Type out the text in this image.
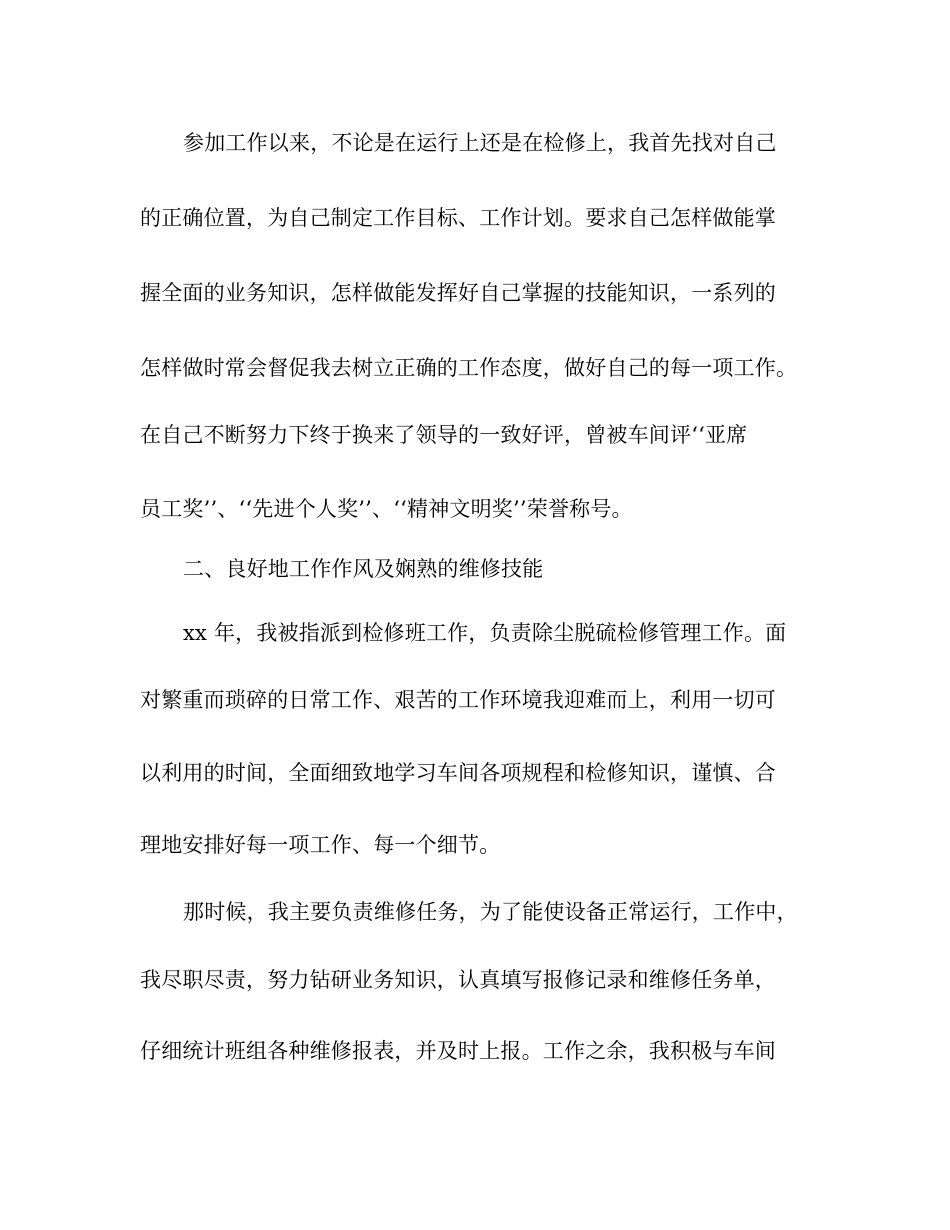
参加工作以来，不论是在运行上还是在检修上，我首先找对自己
的正确位置，为自己制定工作目标、工作计划。要求自己怎样做能掌
握全面的业务知识，怎样做能发挥好自己掌握的技能知识，一系列的
怎样做时常会督促我去树立正确的工作态度，做好自己的每一项工作。
在自己不断努力下终于换来了领导的一致好评，曾被车间评‘‘亚席
员工奖’’、‘‘先进个人奖’’、‘‘精神文明奖’’荣誉称号。
二、良好地工作作风及娴熟的维修技能
xx 年，我被指派到检修班工作，负责除尘脱硫检修管理工作。面
对繁重而琐碎的日常工作、艰苦的工作环境我迎难而上，利用一切可
以利用的时间，全面细致地学习车间各项规程和检修知识，谨慎、合
理地安排好每一项工作、每一个细节。
那时候，我主要负责维修任务，为了能使设备正常运行，工作中，
我尽职尽责，努力钻研业务知识，认真填写报修记录和维修任务单，
仔细统计班组各种维修报表，并及时上报。工作之余，我积极与车间
